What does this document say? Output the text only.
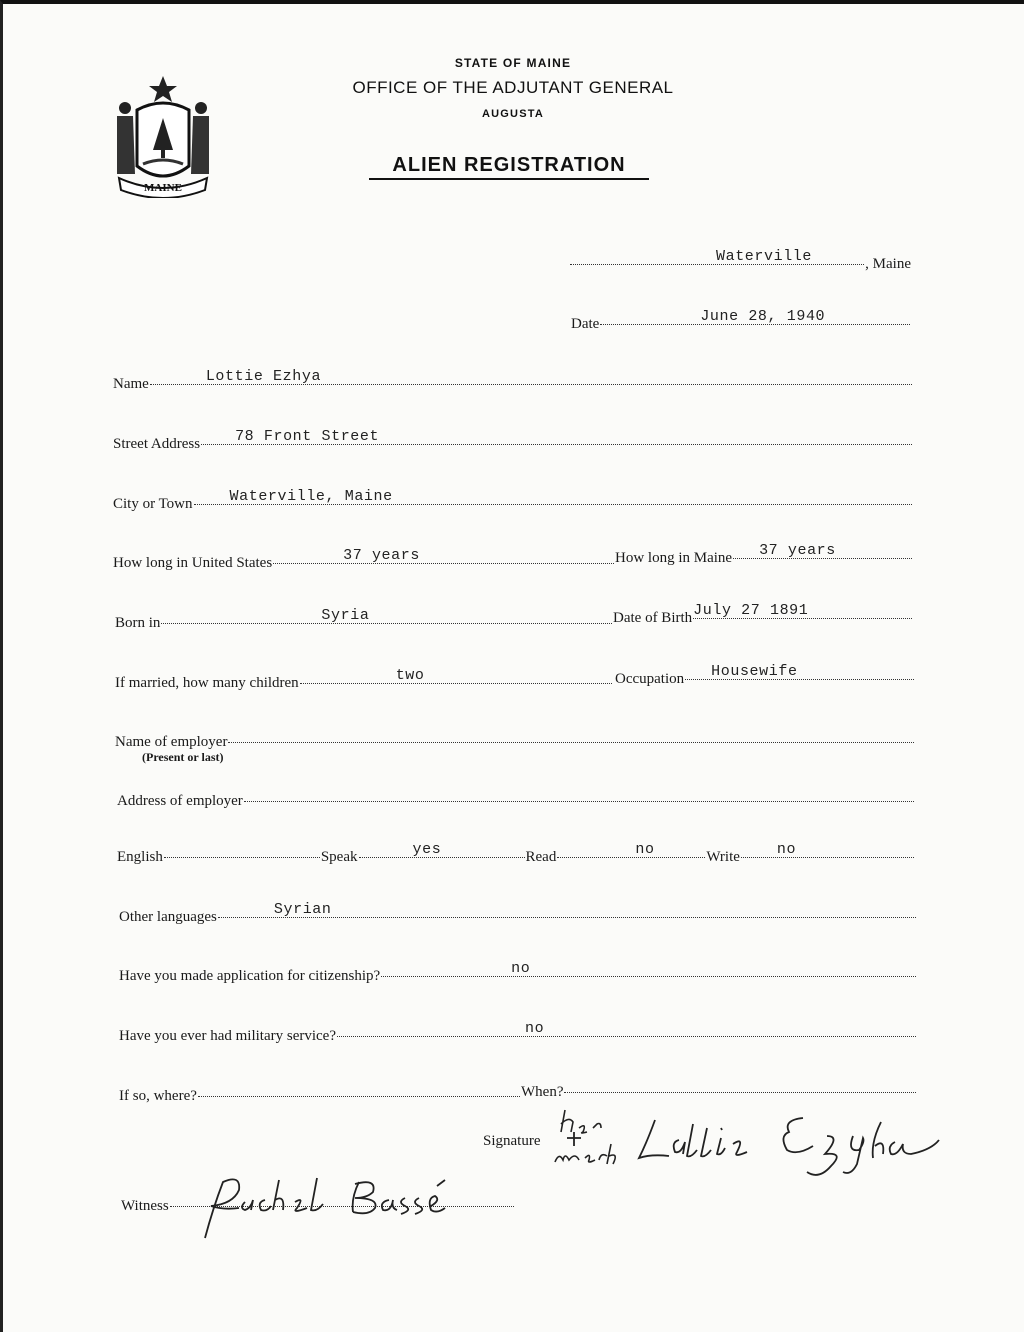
MAINE
STATE OF MAINE
OFFICE OF THE ADJUTANT GENERAL
AUGUSTA
ALIEN REGISTRATION
Waterville	, Maine
Date	June 28, 1940
Name	Lottie Ezhya
Street Address 78 Front Street
City or Town Waterville, Maine
How long in United States	37 years	How long in Maine 37 years
Born in	Syria	Date of Birth July 27 1891
If married, how many children	two	Occupation Housewife
Name of employer
(Present or last)
Address of employer
English	Speak	yes	Read	no	Write no
Other languages	Syrian
Have you made application for citizenship?	no
Have you ever had military service?	no
If so, where?	When?
Signature
Witness
